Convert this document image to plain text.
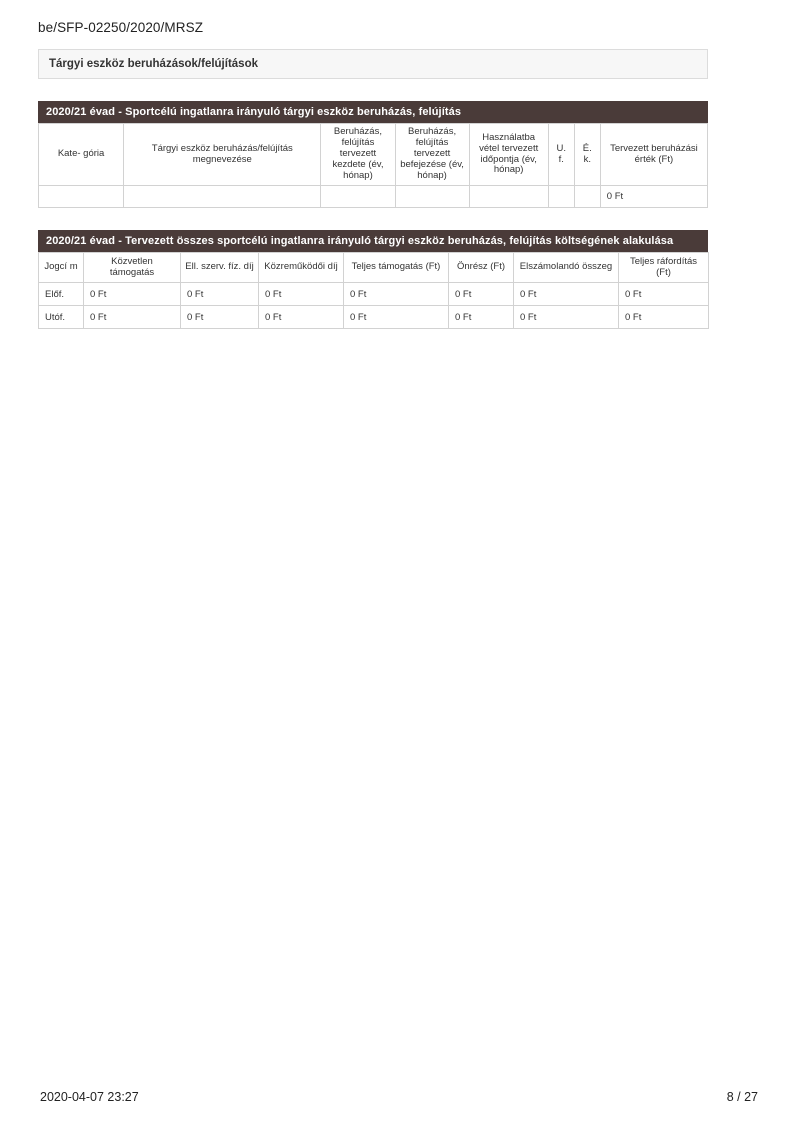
be/SFP-02250/2020/MRSZ
Tárgyi eszköz beruházások/felújítások
2020/21 évad - Sportcélú ingatlanra irányuló tárgyi eszköz beruházás, felújítás
Kate- gória	Tárgyi eszköz beruházás/felújítás megnevezése	Beruházás, felújítás tervezett kezdete (év, hónap)	Beruházás, felújítás tervezett befejezése (év, hónap)	Használatba vétel tervezett időpontja (év, hónap)	U. f.	É. k.	Tervezett beruházási érték (Ft)
							0 Ft
2020/21 évad - Tervezett összes sportcélú ingatlanra irányuló tárgyi eszköz beruházás, felújítás költségének alakulása
Jogcí m	Közvetlen támogatás	Ell. szerv. fíz. díj	Közreműködői díj	Teljes támogatás (Ft)	Önrész (Ft)	Elszámolandó összeg	Teljes ráfordítás (Ft)
Előf.	0 Ft	0 Ft	0 Ft	0 Ft	0 Ft	0 Ft	0 Ft
Utóf.	0 Ft	0 Ft	0 Ft	0 Ft	0 Ft	0 Ft	0 Ft
2020-04-07 23:27	8 / 27
